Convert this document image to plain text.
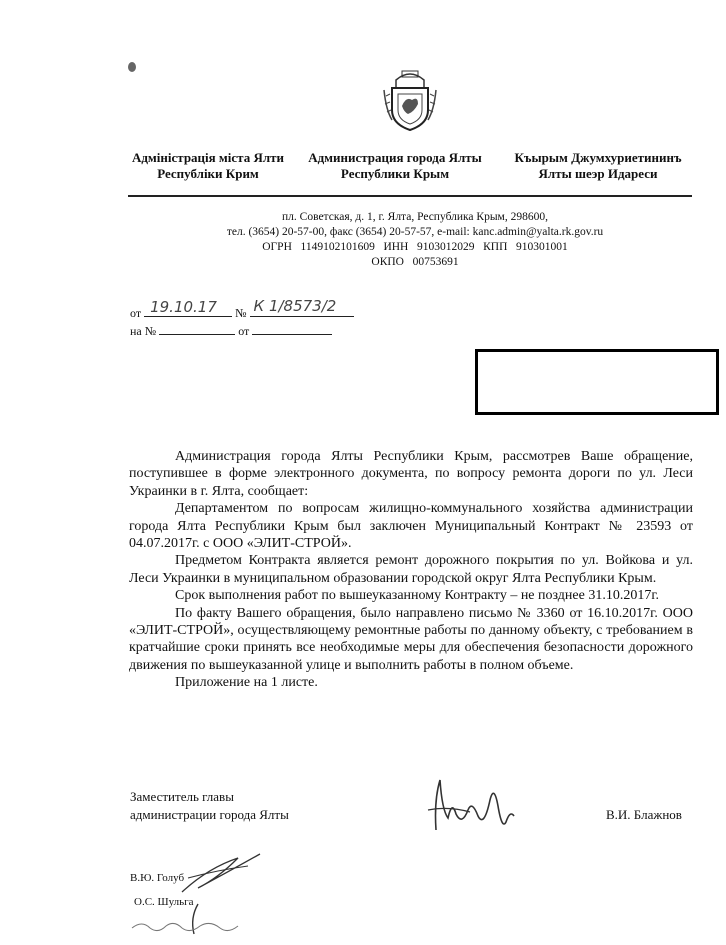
Адміністрація міста Ялти
Республіки Крим
Администрация города Ялты
Республики Крым
Къырым Джумхуриетининъ
Ялты шеэр Идареси
пл. Советская, д. 1, г. Ялта, Республика Крым, 298600,
тел. (3654) 20-57-00, факс (3654) 20-57-57, e-mail: kanc.admin@yalta.rk.gov.ru
ОГРН   1149102101609   ИНН   9103012029   КПП   910301001
ОКПО   00753691
от 19.10.17 № К 1/8573/2
на №	от

Администрация города Ялты Республики Крым, рассмотрев Ваше обращение, поступившее в форме электронного документа, по вопросу ремонта дороги по ул. Леси Украинки в г. Ялта, сообщает:

Департаментом по вопросам жилищно-коммунального хозяйства администрации города Ялта Республики Крым был заключен Муниципальный Контракт № 23593 от 04.07.2017г. с ООО «ЭЛИТ-СТРОЙ».

Предметом Контракта является ремонт дорожного покрытия по ул. Войкова и ул. Леси Украинки в муниципальном образовании городской округ Ялта Республики Крым.

Срок выполнения работ по вышеуказанному Контракту – не позднее 31.10.2017г.

По факту Вашего обращения, было направлено письмо № 3360 от 16.10.2017г. ООО «ЭЛИТ-СТРОЙ», осуществляющему ремонтные работы по данному объекту, с требованием в кратчайшие сроки принять все необходимые меры для обеспечения безопасности дорожного движения по вышеуказанной улице и выполнить работы в полном объеме.

Приложение на 1 листе.

Заместитель главы
администрации города Ялты	В.И. Блажнов
В.Ю. Голуб
О.С. Шульга
